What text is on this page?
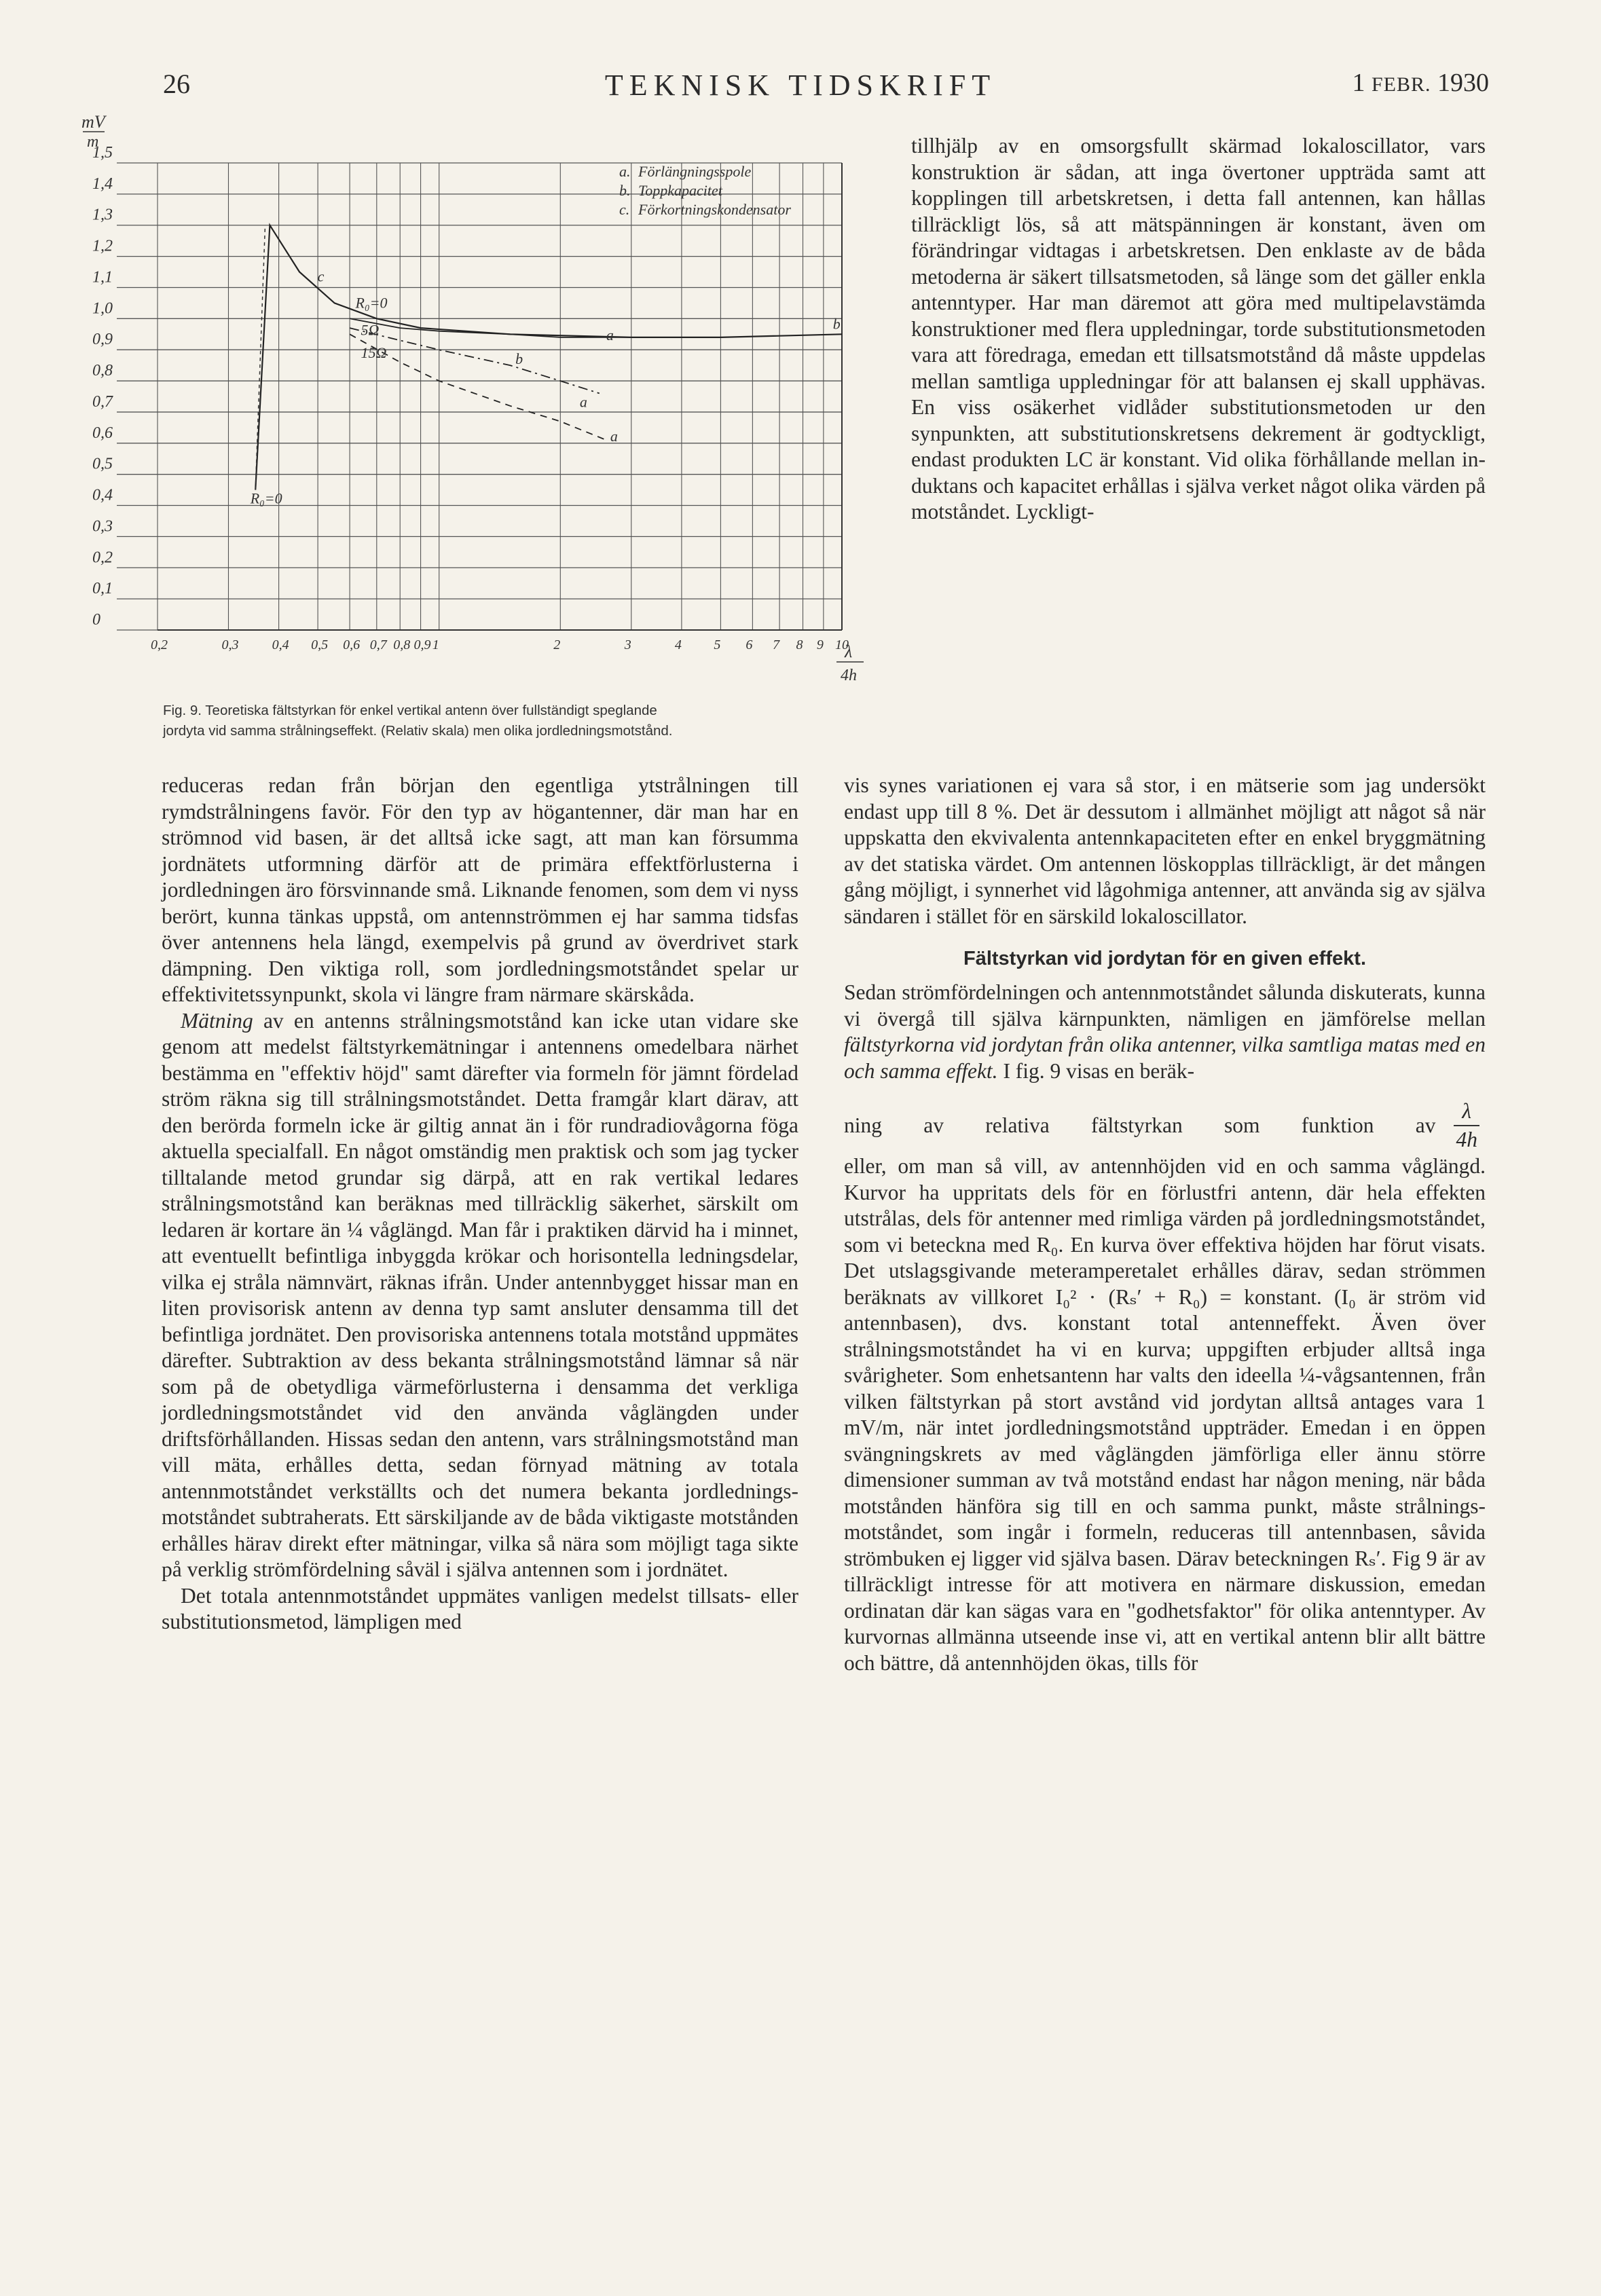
26	TEKNISK TIDSKRIFT	1 FEBR. 1930
1,5
1,4
1,3
1,2
1,1
1,0
0,9
0,8
0,7
0,6
0,5
0,4
0,3
0,2
0,1
0
0,2	0,3 0,4 0,5 0,6 0,7 0,8 0,9 1	2	3	4 5 6 7 8 9 10
R₀=0
R₀=0
5Ω
15Ω
a
b
b
a
c
a
mV
m
a. Förlängningsspole
b. Toppkapacitet
c. Förkortningskondensator
λ
4h

Fig. 9. Teoretiska fältstyrkan för enkel vertikal antenn över fullständigt speglande

jordyta vid samma strålningseffekt. (Relativ skala) men olika jordledningsmotstånd.

tillhjälp av en omsorgsfullt skärmad lokaloscillator, vars konstruktion är sådan, att inga övertoner uppträda samt att kopplingen till arbetskretsen, i detta fall antennen, kan hållas tillräckligt lös, så att mätspänningen är konstant, även om förändringar vidtagas i arbetskretsen. Den enklaste av de båda metoderna är säkert tillsatsmetoden, så länge som det gäller enkla antenntyper. Har man däremot att göra med multipelavstämda konstruktioner med flera uppledningar, torde substitutionsmetoden vara att föredraga, emedan ett tillsatsmotstånd då måste uppdelas mellan samtliga uppledningar för att balansen ej skall upphävas. En viss osäkerhet vidlåder substitutionsmetoden ur den synpunkten, att substitutionskretsens dekrement är godtyckligt, endast produkten LC är konstant. Vid olika förhållande mellan induktans och kapacitet erhållas i själva verket något olika värden på motståndet. Lyckligt-

reduceras redan från början den egentliga ytstrålningen till rymdstrålningens favör. För den typ av högantenner, där man har en strömnod vid basen, är det alltså icke sagt, att man kan försumma jordnätets utformning därför att de primära effektförlusterna i jordledningen äro försvinnande små. Liknande fenomen, som dem vi nyss berört, kunna tänkas uppstå, om antennströmmen ej har samma tidsfas över antennens hela längd, exempelvis på grund av överdrivet stark dämpning. Den viktiga roll, som jordledningsmotståndet spelar ur effektivitetssynpunkt, skola vi längre fram närmare skärskåda.

Mätning av en antenns strålningsmotstånd kan icke utan vidare ske genom att medelst fältstyrkemätningar i antennens omedelbara närhet bestämma en "effektiv höjd" samt därefter via formeln för jämnt fördelad ström räkna sig till strålningsmotståndet. Detta framgår klart därav, att den berörda formeln icke är giltig annat än i för rundradiovågorna föga aktuella specialfall. En något omständig men praktisk och som jag tycker tilltalande metod grundar sig därpå, att en rak vertikal ledares strålningsmotstånd kan beräknas med tillräcklig säkerhet, särskilt om ledaren är kortare än ¼ våglängd. Man får i praktiken därvid ha i minnet, att eventuellt befintliga inbyggda krökar och horisontella ledningsdelar, vilka ej stråla nämnvärt, räknas ifrån. Under antennbygget hissar man en liten provisorisk antenn av denna typ samt ansluter densamma till det befintliga jordnätet. Den provisoriska antennens totala motstånd uppmätes därefter. Subtraktion av dess bekanta strålningsmotstånd lämnar så när som på de obetydliga värmeförlusterna i densamma det verkliga jordledningsmotståndet vid den använda våglängden under driftsförhållanden. Hissas sedan den antenn, vars strålningsmotstånd man vill mäta, erhålles detta, sedan förnyad mätning av totala antennmotståndet verkställts och det numera bekanta jordledningsmotståndet subtraherats. Ett särskiljande av de båda viktigaste motstånden erhålles härav direkt efter mätningar, vilka så nära som möjligt taga sikte på verklig strömfördelning såväl i själva antennen som i jordnätet.

Det totala antennmotståndet uppmätes vanligen medelst tillsats- eller substitutionsmetod, lämpligen med

vis synes variationen ej vara så stor, i en mätserie som jag undersökt endast upp till 8 %. Det är dessutom i allmänhet möjligt att något så när uppskatta den ekvivalenta antennkapaciteten efter en enkel bryggmätning av det statiska värdet. Om antennen löskopplas tillräckligt, är det mången gång möjligt, i synnerhet vid lågohmiga antenner, att använda sig av själva sändaren i stället för en särskild lokaloscillator.

Fältstyrkan vid jordytan för en given effekt.

Sedan strömfördelningen och antennmotståndet sålunda diskuterats, kunna vi övergå till själva kärnpunkten, nämligen en jämförelse mellan fältstyrkorna vid jordytan från olika antenner, vilka samtliga matas med en och samma effekt. I fig. 9 visas en beräk-

ning av relativa fältstyrkan som funktion av $\frac{\lambda}{4h}$

eller, om man så vill, av antennhöjden vid en och samma våglängd. Kurvor ha uppritats dels för en förlustfri antenn, där hela effekten utstrålas, dels för antenner med rimliga värden på jordledningsmotståndet, som vi beteckna med R₀. En kurva över effektiva höjden har förut visats. Det utslagsgivande meteramperetalet erhålles därav, sedan strömmen beräknats av villkoret I₀² · (Rₛ′ + R₀) = konstant. (I₀ är ström vid antennbasen), dvs. konstant total antenneffekt. Även över strålningsmotståndet ha vi en kurva; uppgiften erbjuder alltså inga svårigheter. Som enhetsantenn har valts den ideella ¼-vågsantennen, från vilken fältstyrkan på stort avstånd vid jordytan alltså antages vara 1 mV/m, när intet jordledningsmotstånd uppträder. Emedan i en öppen svängningskrets av med våglängden jämförliga eller ännu större dimensioner summan av två motstånd endast har någon mening, när båda motstånden hänföra sig till en och samma punkt, måste strålningsmotståndet, som ingår i formeln, reduceras till antennbasen, såvida strömbuken ej ligger vid själva basen. Därav beteckningen Rₛ′. Fig 9 är av tillräckligt intresse för att motivera en närmare diskussion, emedan ordinatan där kan sägas vara en "godhetsfaktor" för olika antenntyper. Av kurvornas allmänna utseende inse vi, att en vertikal antenn blir allt bättre och bättre, då antennhöjden ökas, tills för
